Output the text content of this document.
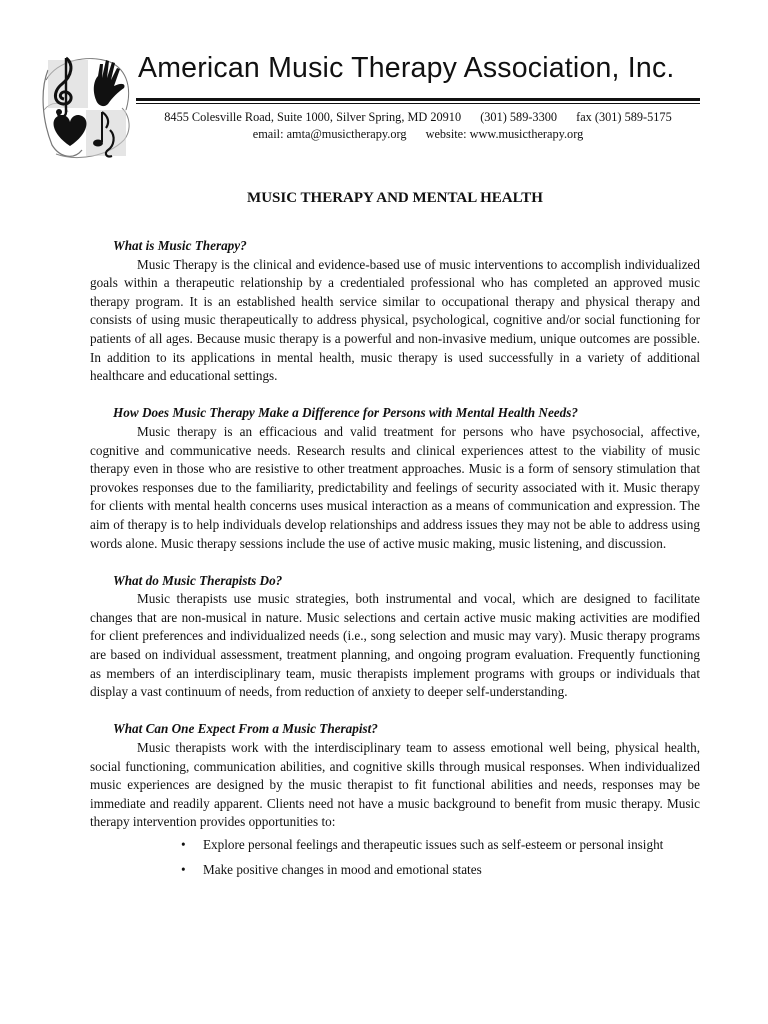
American Music Therapy Association, Inc.
8455 Colesville Road, Suite 1000, Silver Spring, MD 20910 (301) 589-3300 fax (301) 589-5175
email: amta@musictherapy.org website: www.musictherapy.org
MUSIC THERAPY AND MENTAL HEALTH
What is Music Therapy?

Music Therapy is the clinical and evidence-based use of music interventions to accomplish individualized goals within a therapeutic relationship by a credentialed professional who has completed an approved music therapy program. It is an established health service similar to occupational therapy and physical therapy and consists of using music therapeutically to address physical, psychological, cognitive and/or social functioning for patients of all ages. Because music therapy is a powerful and non-invasive medium, unique outcomes are possible. In addition to its applications in mental health, music therapy is used successfully in a variety of additional healthcare and educational settings.

How Does Music Therapy Make a Difference for Persons with Mental Health Needs?

Music therapy is an efficacious and valid treatment for persons who have psychosocial, affective, cognitive and communicative needs. Research results and clinical experiences attest to the viability of music therapy even in those who are resistive to other treatment approaches. Music is a form of sensory stimulation that provokes responses due to the familiarity, predictability and feelings of security associated with it. Music therapy for clients with mental health concerns uses musical interaction as a means of communication and expression. The aim of therapy is to help individuals develop relationships and address issues they may not be able to address using words alone. Music therapy sessions include the use of active music making, music listening, and discussion.

What do Music Therapists Do?

Music therapists use music strategies, both instrumental and vocal, which are designed to facilitate changes that are non-musical in nature. Music selections and certain active music making activities are modified for client preferences and individualized needs (i.e., song selection and music may vary). Music therapy programs are based on individual assessment, treatment planning, and ongoing program evaluation. Frequently functioning as members of an interdisciplinary team, music therapists implement programs with groups or individuals that display a vast continuum of needs, from reduction of anxiety to deeper self-understanding.

What Can One Expect From a Music Therapist?

Music therapists work with the interdisciplinary team to assess emotional well being, physical health, social functioning, communication abilities, and cognitive skills through musical responses. When individualized music experiences are designed by the music therapist to fit functional abilities and needs, responses may be immediate and readily apparent. Clients need not have a music background to benefit from music therapy. Music therapy intervention provides opportunities to:

• Explore personal feelings and therapeutic issues such as self-esteem or personal insight
• Make positive changes in mood and emotional states
